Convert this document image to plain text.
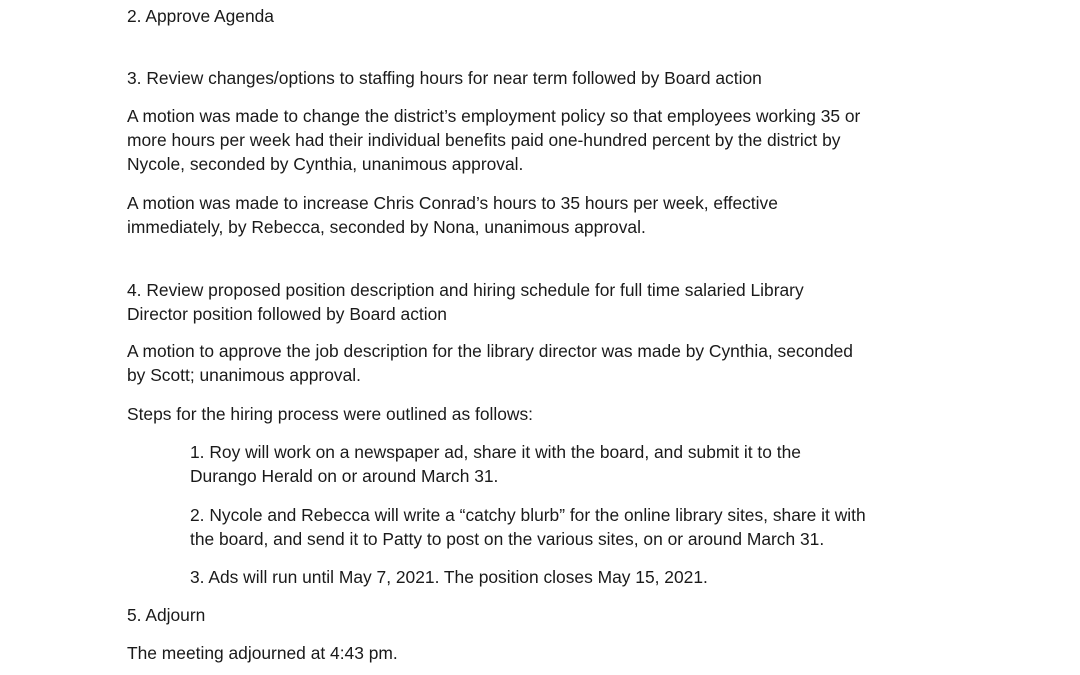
2. Approve Agenda

3. Review changes/options to staffing hours for near term followed by Board action

A motion was made to change the district’s employment policy so that employees working 35 or
more hours per week had their individual benefits paid one-hundred percent by the district by
Nycole, seconded by Cynthia, unanimous approval.
A motion was made to increase Chris Conrad’s hours to 35 hours per week, effective
immediately, by Rebecca, seconded by Nona, unanimous approval.
4. Review proposed position description and hiring schedule for full time salaried Library
Director position followed by Board action
A motion to approve the job description for the library director was made by Cynthia, seconded
by Scott; unanimous approval.

Steps for the hiring process were outlined as follows:

1. Roy will work on a newspaper ad, share it with the board, and submit it to the
Durango Herald on or around March 31.
2. Nycole and Rebecca will write a “catchy blurb” for the online library sites, share it with
the board, and send it to Patty to post on the various sites, on or around March 31.
3. Ads will run until May 7, 2021. The position closes May 15, 2021.

5. Adjourn

The meeting adjourned at 4:43 pm.
